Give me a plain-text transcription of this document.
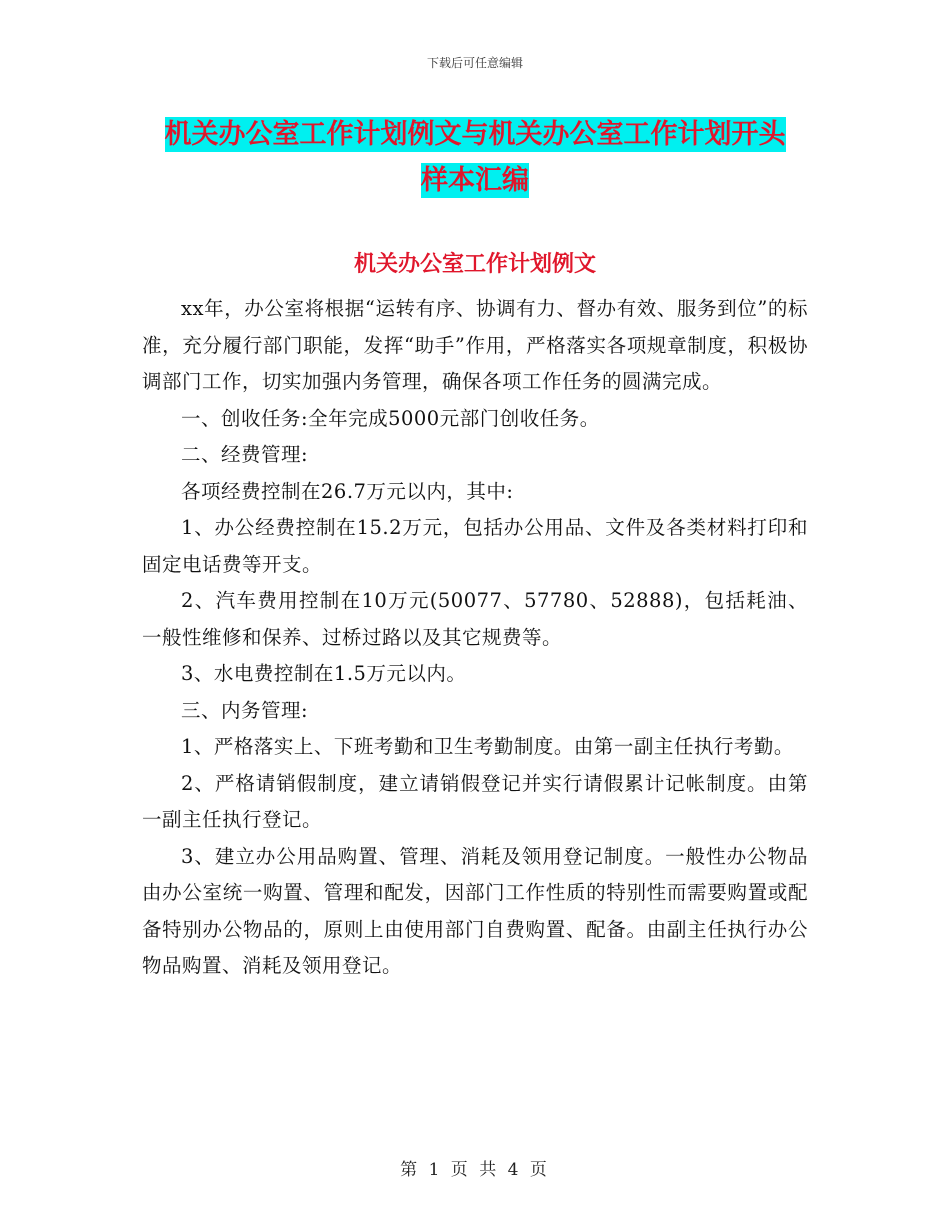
下载后可任意编辑
机关办公室工作计划例文与机关办公室工作计划开头
样本汇编
机关办公室工作计划例文

xx年，办公室将根据“运转有序、协调有力、督办有效、服务到位”的标准，充分履行部门职能，发挥“助手”作用，严格落实各项规章制度，积极协调部门工作，切实加强内务管理，确保各项工作任务的圆满完成。

一、创收任务:全年完成5000元部门创收任务。

二、经费管理:

各项经费控制在26.7万元以内，其中:

1、办公经费控制在15.2万元，包括办公用品、文件及各类材料打印和固定电话费等开支。

2、汽车费用控制在10万元(50077、57780、52888)，包括耗油、一般性维修和保养、过桥过路以及其它规费等。

3、水电费控制在1.5万元以内。

三、内务管理:

1、严格落实上、下班考勤和卫生考勤制度。由第一副主任执行考勤。

2、严格请销假制度，建立请销假登记并实行请假累计记帐制度。由第一副主任执行登记。

3、建立办公用品购置、管理、消耗及领用登记制度。一般性办公物品由办公室统一购置、管理和配发，因部门工作性质的特别性而需要购置或配备特别办公物品的，原则上由使用部门自费购置、配备。由副主任执行办公物品购置、消耗及领用登记。

第 1 页 共 4 页
